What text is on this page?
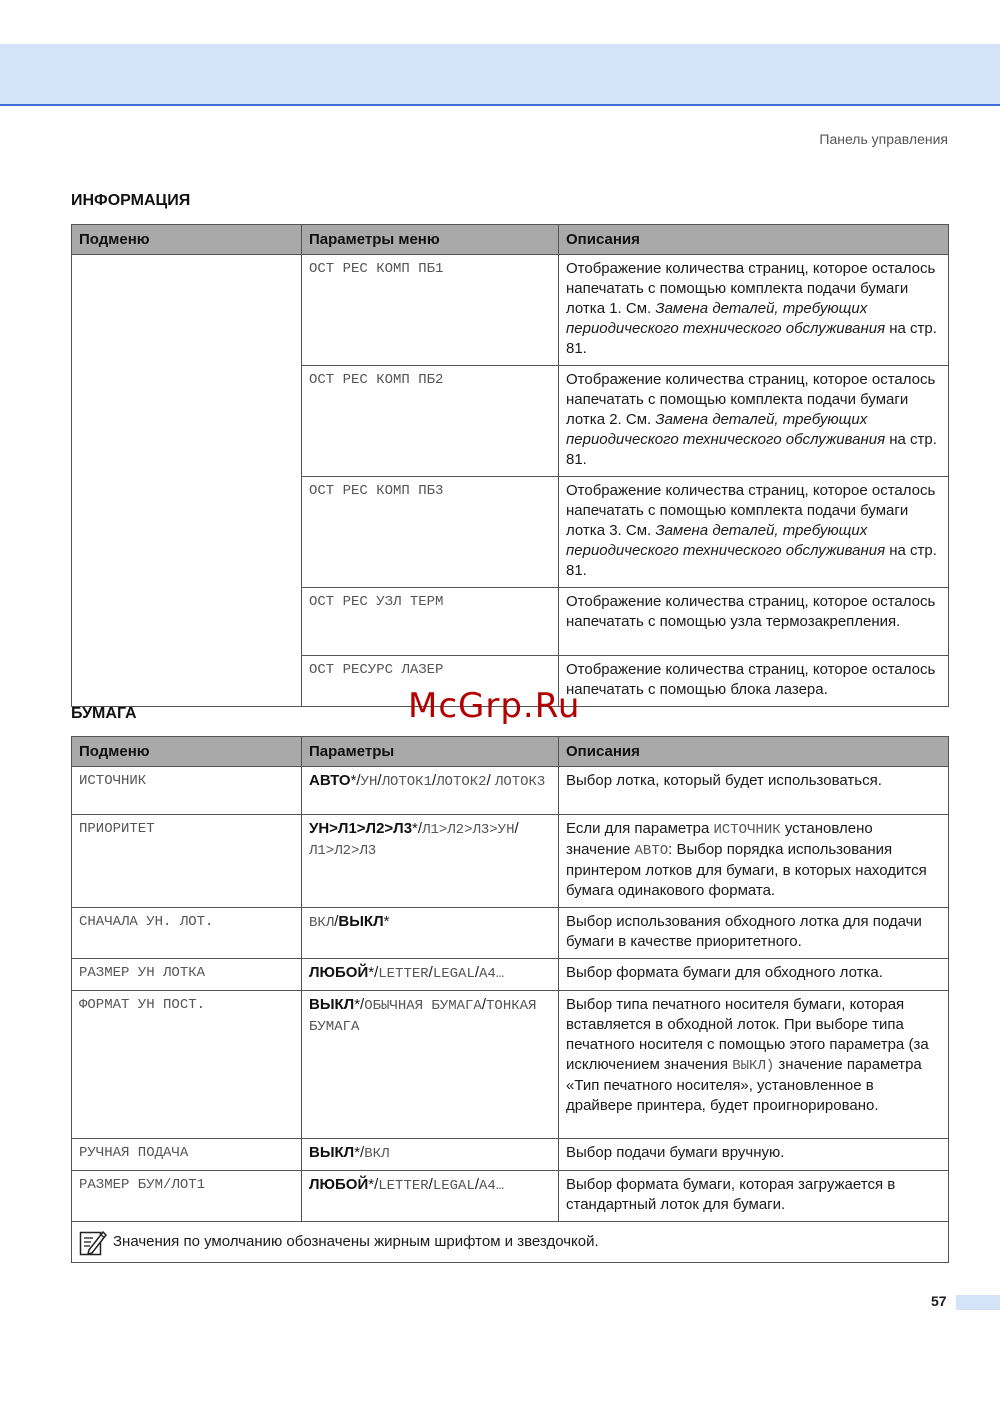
Панель управления
ИНФОРМАЦИЯ
Подменю	Параметры меню	Описания
	ОСТ РЕС КОМП ПБ1	Отображение количества страниц, которое осталось напечатать с помощью комплекта подачи бумаги лотка 1. См. Замена деталей, требующих периодического технического обслуживания на стр. 81.
	ОСТ РЕС КОМП ПБ2	Отображение количества страниц, которое осталось напечатать с помощью комплекта подачи бумаги лотка 2. См. Замена деталей, требующих периодического технического обслуживания на стр. 81.
	ОСТ РЕС КОМП ПБ3	Отображение количества страниц, которое осталось напечатать с помощью комплекта подачи бумаги лотка 3. См. Замена деталей, требующих периодического технического обслуживания на стр. 81.
	ОСТ РЕС УЗЛ ТЕРМ	Отображение количества страниц, которое осталось напечатать с помощью узла термозакрепления.
	ОСТ РЕСУРС ЛАЗЕР	Отображение количества страниц, которое осталось напечатать с помощью блока лазера.
БУМАГА	McGrp.Ru
Подменю	Параметры	Описания
ИСТОЧНИК	АВТО*/УН/ЛОТОК1/ЛОТОК2/ ЛОТОК3	Выбор лотка, который будет использоваться.
ПРИОРИТЕТ	УН>Л1>Л2>Л3*/Л1>Л2>Л3>УН/ Л1>Л2>Л3	Если для параметра ИСТОЧНИК установлено значение АВТО: Выбор порядка использования принтером лотков для бумаги, в которых находится бумага одинакового формата.
СНАЧАЛА УН. ЛОТ.	ВКЛ/ВЫКЛ*	Выбор использования обходного лотка для подачи бумаги в качестве приоритетного.
РАЗМЕР УН ЛОТКА	ЛЮБОЙ*/LETTER/LEGAL/A4…	Выбор формата бумаги для обходного лотка.
ФОРМАТ УН ПОСТ.	ВЫКЛ*/ОБЫЧНАЯ БУМАГА/ТОНКАЯ БУМАГА	Выбор типа печатного носителя бумаги, которая вставляется в обходной лоток. При выборе типа печатного носителя с помощью этого параметра (за исключением значения ВЫКЛ) значение параметра «Тип печатного носителя», установленное в драйвере принтера, будет проигнорировано.
РУЧНАЯ ПОДАЧА	ВЫКЛ*/ВКЛ	Выбор подачи бумаги вручную.
РАЗМЕР БУМ/ЛОТ1	ЛЮБОЙ*/LETTER/LEGAL/A4…	Выбор формата бумаги, которая загружается в стандартный лоток для бумаги.
Значения по умолчанию обозначены жирным шрифтом и звездочкой.		
57
